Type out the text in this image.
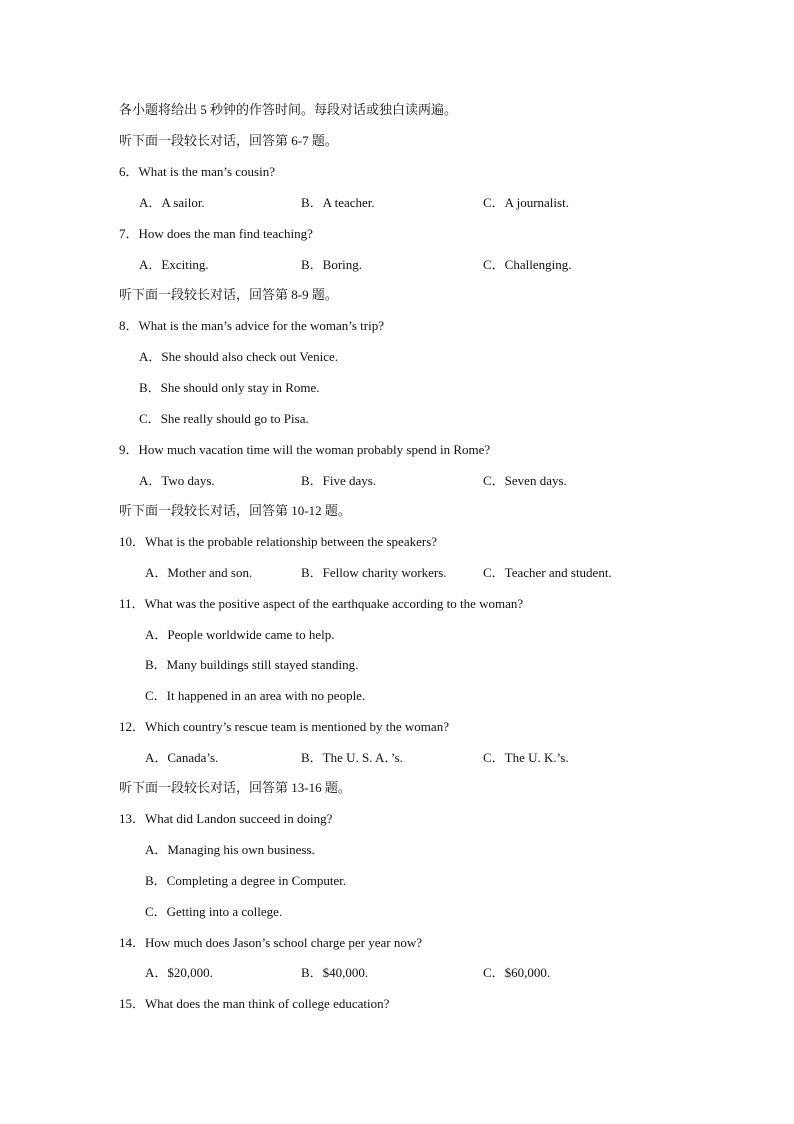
各小题将给出 5 秒钟的作答时间。每段对话或独白读两遍。
听下面一段较长对话，回答第 6-7 题。
6．What is the man’s cousin?
A．A sailor.	B．A teacher.	C．A journalist.
7．How does the man find teaching?
A．Exciting.	B．Boring.	C．Challenging.
听下面一段较长对话，回答第 8-9 题。
8．What is the man’s advice for the woman’s trip?
A．She should also check out Venice.
B．She should only stay in Rome.
C．She really should go to Pisa.
9．How much vacation time will the woman probably spend in Rome?
A．Two days.	B．Five days.	C．Seven days.
听下面一段较长对话，回答第 10-12 题。
10．What is the probable relationship between the speakers?
A．Mother and son.	B．Fellow charity workers.	C．Teacher and student.
11．What was the positive aspect of the earthquake according to the woman?
A．People worldwide came to help.
B．Many buildings still stayed standing.
C．It happened in an area with no people.
12．Which country’s rescue team is mentioned by the woman?
A．Canada’s.	B．The U. S. A．’s.	C．The U. K.’s.
听下面一段较长对话，回答第 13-16 题。
13．What did Landon succeed in doing?
A．Managing his own business.
B．Completing a degree in Computer.
C．Getting into a college.
14．How much does Jason’s school charge per year now?
A．$20,000.	B．$40,000.	C．$60,000.
15．What does the man think of college education?
